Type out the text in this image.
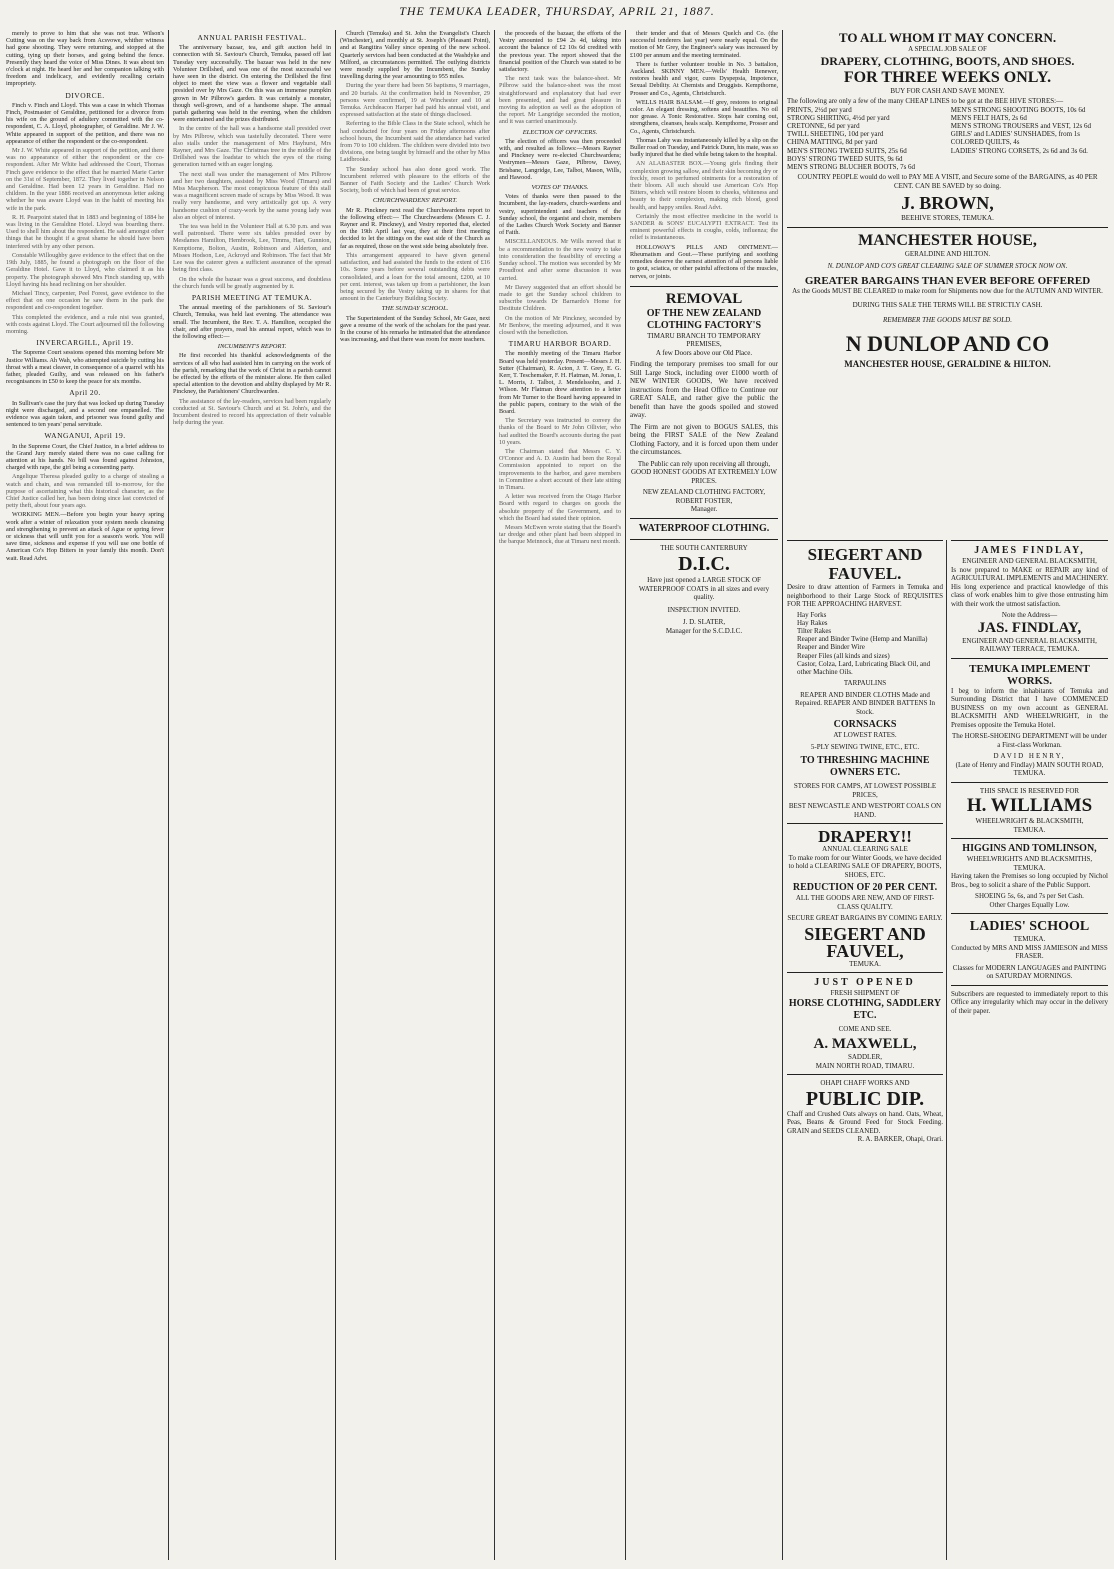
THE TEMUKA LEADER, THURSDAY, APRIL 21, 1887.

merely to prove to him that she was not true. Wilson's Cutting was on the way back from Acsvowe, whither witness had gone shooting. They were returning, and stopped at the cutting, tying up their horses, and going behind the fence. Presently they heard the voice of Miss Dines. It was about ten o'clock at night. He heard her and her companion talking with freedom and indelicacy, and evidently recalling certain impropriety.

DIVORCE.

Finch v. Finch and Lloyd. This was a case in which Thomas Finch, Postmaster of Geraldine, petitioned for a divorce from his wife on the ground of adultery committed with the co-respondent, C. A. Lloyd, photographer, of Geraldine. Mr J. W. White appeared in support of the petition, and there was no appearance of either the respondent or the co-respondent.

Mr J. W. White appeared in support of the petition, and there was no appearance of either the respondent or the co-respondent. After Mr White had addressed the Court, Thomas Finch gave evidence to the effect that he married Marie Carter on the 31st of September, 1872. They lived together in Nelson and Geraldine. Had been 12 years in Geraldine. Had no children. In the year 1886 received an anonymous letter asking whether he was aware Lloyd was in the habit of meeting his wife in the park.

R. H. Pearpoint stated that in 1883 and beginning of 1884 he was living in the Geraldine Hotel. Lloyd was boarding there. Used to shell him about the respondent. He said amongst other things that he thought if a great shame he should have been interfered with by any other person.

Constable Willoughby gave evidence to the effect that on the 19th July, 1885, he found a photograph on the floor of the Geraldine Hotel. Gave it to Lloyd, who claimed it as his property. The photograph showed Mrs Finch standing up, with Lloyd having his head reclining on her shoulder.

Michael Tincy, carpenter, Peel Forest, gave evidence to the effect that on one occasion he saw them in the park the respondent and co-respondent together.

This completed the evidence, and a rule nisi was granted, with costs against Lloyd. The Court adjourned till the following morning.

INVERCARGILL, April 19.

The Supreme Court sessions opened this morning before Mr Justice Williams. Ah Wah, who attempted suicide by cutting his throat with a meat cleaver, in consequence of a quarrel with his father, pleaded Guilty, and was released on his father's recognisances in £50 to keep the peace for six months.

April 20.

In Sullivan's case the jury that was locked up during Tuesday night were discharged, and a second one empanelled. The evidence was again taken, and prisoner was found guilty and sentenced to ten years' penal servitude.

WANGANUI, April 19.

In the Supreme Court, the Chief Justice, in a brief address to the Grand Jury merely stated there was no case calling for attention at his hands. No bill was found against Johnston, charged with rape, the girl being a consenting party.

Angelique Theresa pleaded guilty to a charge of stealing a watch and chain, and was remanded till to-morrow, for the purpose of ascertaining what this historical character, as the Chief Justice called her, has been doing since last convicted of petty theft, about four years ago.

WORKING MEN.—Before you begin your heavy spring work after a winter of relaxation your system needs cleansing and strengthening to prevent an attack of Ague or spring fever or sickness that will unfit you for a season's work. You will save time, sickness and expense if you will use one bottle of American Co's Hop Bitters in your family this month. Don't wait. Read Advt.

ANNUAL PARISH FESTIVAL.

The anniversary bazaar, tea, and gift auction held in connection with St. Saviour's Church, Temuka, passed off last Tuesday very successfully. The bazaar was held in the new Volunteer Drillshed, and was one of the most successful we have seen in the district. On entering the Drillshed the first object to meet the view was a flower and vegetable stall presided over by Mrs Gaze. On this was an immense pumpkin grown in Mr Pilbrow's garden. It was certainly a monster, though well-grown, and of a handsome shape. The annual parish gathering was held in the evening, when the children were entertained and the prizes distributed.

In the centre of the hall was a handsome stall presided over by Mrs Pilbrow, which was tastefully decorated. There were also stalls under the management of Mrs Hayhurst, Mrs Rayner, and Mrs Gaze. The Christmas tree in the middle of the Drillshed was the loadstar to which the eyes of the rising generation turned with an eager longing.

The next stall was under the management of Mrs Pilbrow and her two daughters, assisted by Miss Wood (Timaru) and Miss Macpherson. The most conspicuous feature of this stall was a magnificent screen made of scraps by Miss Wood. It was really very handsome, and very artistically got up. A very handsome cushion of crazy-work by the same young lady was also an object of interest.

The tea was held in the Volunteer Hall at 6.30 p.m. and was well patronised. There were six tables presided over by Mesdames Hamilton, Hembrook, Lee, Timms, Hart, Gunnion, Kemptiorne, Bolton, Austin, Robinson and Alderton, and Misses Hodson, Lee, Ackroyd and Robinson. The fact that Mr Lee was the caterer gives a sufficient assurance of the spread being first class.

On the whole the bazaar was a great success, and doubtless the church funds will be greatly augmented by it.

PARISH MEETING AT TEMUKA.

The annual meeting of the parishioners of St. Saviour's Church, Temuka, was held last evening. The attendance was small. The Incumbent, the Rev. T. A. Hamilton, occupied the chair, and after prayers, read his annual report, which was to the following effect:—

INCUMBENT'S REPORT.

He first recorded his thankful acknowledgments of the services of all who had assisted him in carrying on the work of the parish, remarking that the work of Christ in a parish cannot be effected by the efforts of the minister alone. He then called special attention to the devotion and ability displayed by Mr R. Pinckney, the Parishioners' Churchwarden.

The assistance of the lay-readers, services had been regularly conducted at St. Saviour's Church and at St. John's, and the Incumbent desired to record his appreciation of their valuable help during the year.

Church (Temuka) and St. John the Evangelist's Church (Winchester), and monthly at St. Joseph's (Pleasant Point), and at Rangitira Valley since opening of the new school. Quarterly services had been conducted at the Washdyke and Milford, as circumstances permitted. The outlying districts were mostly supplied by the Incumbent, the Sunday travelling during the year amounting to 955 miles.

During the year there had been 56 baptisms, 9 marriages, and 20 burials. At the confirmation held in November, 29 persons were confirmed, 19 at Winchester and 10 at Temuka. Archdeacon Harper had paid his annual visit, and expressed satisfaction at the state of things disclosed.

Referring to the Bible Class in the State school, which he had conducted for four years on Friday afternoons after school hours, the Incumbent said the attendance had varied from 70 to 100 children. The children were divided into two divisions, one being taught by himself and the other by Miss Laidbrooke.

The Sunday school has also done good work. The Incumbent referred with pleasure to the efforts of the Banner of Faith Society and the Ladies' Church Work Society, both of which had been of great service.

CHURCHWARDENS' REPORT.

Mr R. Pinckney next read the Churchwardens report to the following effect:— The Churchwardens (Messrs C. J. Rayner and R. Pinckney), and Vestry reported that, elected on the 19th April last year, they at their first meeting decided to let the sittings on the east side of the Church as far as required, those on the west side being absolutely free.

This arrangement appeared to have given general satisfaction, and had assisted the funds to the extent of £16 10s. Some years before several outstanding debts were consolidated, and a loan for the total amount, £200, at 10 per cent. interest, was taken up from a parishioner, the loan being secured by the Vestry taking up in shares for that amount in the Canterbury Building Society.

THE SUNDAY SCHOOL.

The Superintendent of the Sunday School, Mr Gaze, next gave a resume of the work of the scholars for the past year. In the course of his remarks he intimated that the attendance was increasing, and that there was room for more teachers.

the proceeds of the bazaar, the efforts of the Vestry amounted to £94 2s 4d, taking into account the balance of £2 10s 6d credited with the previous year. The report showed that the financial position of the Church was stated to be satisfactory.

The next task was the balance-sheet. Mr Pilbrow said the balance-sheet was the most straightforward and explanatory that had ever been presented, and had great pleasure in moving its adoption as well as the adoption of the report. Mr Langridge seconded the motion, and it was carried unanimously.

ELECTION OF OFFICERS.

The election of officers was then proceeded with, and resulted as follows:—Messrs Rayner and Pinckney were re-elected Churchwardens; Vestrymen—Messrs Gaze, Pilbrow, Davey, Brisbane, Langridge, Lee, Talbot, Mason, Wills, and Hawood.

VOTES OF THANKS.

Votes of thanks were then passed to the Incumbent, the lay-readers, church-wardens and vestry, superintendent and teachers of the Sunday school, the organist and choir, members of the Ladies Church Work Society and Banner of Faith.

MISCELLANEOUS. Mr Wills moved that it be a recommendation to the new vestry to take into consideration the feasibility of erecting a Sunday school. The motion was seconded by Mr Proudfoot and after some discussion it was carried.

Mr Davey suggested that an effort should be made to get the Sunday school children to subscribe towards Dr Barnardo's Home for Destitute Children.

On the motion of Mr Pinckney, seconded by Mr Benbow, the meeting adjourned, and it was closed with the benediction.

TIMARU HARBOR BOARD.

The monthly meeting of the Timaru Harbor Board was held yesterday. Present—Messrs J. H. Sutter (Chairman), R. Acton, J. T. Grey, E. G. Kerr, T. Teschemaker, F. H. Flatman, M. Jonas, I. L. Morris, J. Talbot, J. Mendelssohn, and J. Wilson. Mr Flatman drew attention to a letter from Mr Turner to the Board having appeared in the public papers, contrary to the wish of the Board.

The Secretary was instructed to convey the thanks of the Board to Mr John Ollivier, who had audited the Board's accounts during the past 10 years.

The Chairman stated that Messrs C. Y. O'Connor and A. D. Austin had been the Royal Commission appointed to report on the improvements to the harbor, and gave members in Committee a short account of their late sitting in Timaru.

A letter was received from the Otago Harbor Board with regard to charges on goods the absolute property of the Government, and to which the Board had stated their opinion.

Messrs McEwen wrote stating that the Board's tar dredge and other plant had been shipped in the barque Meinnock, due at Timaru next month.

their tender and that of Messrs Quelch and Co. (the successful tenderers last year) were nearly equal. On the motion of Mr Grey, the Engineer's salary was increased by £100 per annum and the meeting terminated.

There is further volunteer trouble in No. 3 battalion, Auckland. SKINNY MEN.—Wells' Health Renewer, restores health and vigor, cures Dyspepsia, Impotence, Sexual Debility. At Chemists and Druggists. Kempthorne, Prosser and Co., Agents, Christchurch.

WELLS HAIR BALSAM.—If grey, restores to original color. An elegant dressing, softens and beautifies. No oil nor grease. A Tonic Restorative. Stops hair coming out, strengthens, cleanses, heals scalp. Kempthorne, Prosser and Co., Agents, Christchurch.

Thomas Lahy was instantaneously killed by a slip on the Buller road on Tuesday, and Patrick Dunn, his mate, was so badly injured that he died while being taken to the hospital.

AN ALABASTER BOX.—Young girls finding their complexion growing sallow, and their skin becoming dry or freckly, resort to perfumed ointments for a restoration of their bloom. All such should use American Co's Hop Bitters, which will restore bloom to cheeks, whiteness and beauty to their complexion, making rich blood, good health, and happy smiles. Read Advt.

Certainly the most effective medicine in the world is SANDER & SONS' EUCALYPTI EXTRACT. Test its eminent powerful effects in coughs, colds, influenza; the relief is instantaneous.

HOLLOWAY'S PILLS AND OINTMENT.—Rheumatism and Gout.—These purifying and soothing remedies deserve the earnest attention of all persons liable to gout, sciatica, or other painful affections of the muscles, nerves, or joints.

REMOVAL
OF THE NEW ZEALAND CLOTHING FACTORY'S
TIMARU BRANCH TO TEMPORARY PREMISES,
A few Doors above our Old Place.
Finding the temporary premises too small for our Still Large Stock, including over £1000 worth of NEW WINTER GOODS, We have received instructions from the Head Office to Continue our GREAT SALE, and rather give the public the benefit than have the goods spoiled and stowed away.
The Firm are not given to BOGUS SALES, this being the FIRST SALE of the New Zealand Clothing Factory, and it is forced upon them under the circumstances.
The Public can rely upon receiving all through, GOOD HONEST GOODS AT EXTREMELY LOW PRICES.
NEW ZEALAND CLOTHING FACTORY,
ROBERT FOSTER,
Manager.
WATERPROOF CLOTHING.
THE SOUTH CANTERBURY
D.I.C.
Have just opened a LARGE STOCK OF WATERPROOF COATS in all sizes and every quality.
INSPECTION INVITED.
J. D. SLATER,
Manager for the S.C.D.I.C.
TO ALL WHOM IT MAY CONCERN.
A SPECIAL JOB SALE OF
DRAPERY, CLOTHING, BOOTS, AND SHOES.
FOR THREE WEEKS ONLY.
BUY FOR CASH AND SAVE MONEY.
The following are only a few of the many CHEAP LINES to be got at the BEE HIVE STORES:—
PRINTS, 2½d per yard
STRONG SHIRTING, 4½d per yard
CRETONNE, 6d per yard
TWILL SHEETING, 10d per yard
CHINA MATTING, 8d per yard
MEN'S STRONG TWEED SUITS, 25s 6d
BOYS' STRONG TWEED SUITS, 9s 6d
MEN'S STRONG BLUCHER BOOTS, 7s 6d
MEN'S STRONG SHOOTING BOOTS, 10s 6d
MEN'S FELT HATS, 2s 6d
MEN'S STRONG TROUSERS and VEST, 12s 6d
GIRLS' and LADIES' SUNSHADES, from 1s
COLORED QUILTS, 4s
LADIES' STRONG CORSETS, 2s 6d and 3s 6d.
COUNTRY PEOPLE would do well to PAY ME A VISIT, and Secure some of the BARGAINS, as 40 PER CENT. CAN BE SAVED by so doing.
J. BROWN,
BEEHIVE STORES, TEMUKA.
MANCHESTER HOUSE,
GERALDINE AND HILTON.
N. DUNLOP AND CO'S GREAT CLEARING SALE OF SUMMER STOCK NOW ON.
GREATER BARGAINS THAN EVER BEFORE OFFERED
As the Goods MUST BE CLEARED to make room for Shipments now due for the AUTUMN AND WINTER.
DURING THIS SALE THE TERMS WILL BE STRICTLY CASH.
REMEMBER THE GOODS MUST BE SOLD.
N DUNLOP AND CO
MANCHESTER HOUSE, GERALDINE & HILTON.
SIEGERT AND FAUVEL.
Desire to draw attention of Farmers in Temuka and neighborhood to their Large Stock of REQUISITES FOR THE APPROACHING HARVEST.
Hay Forks
Hay Rakes
Tilter Rakes
Reaper and Binder Twine (Hemp and Manilla)
Reaper and Binder Wire
Reaper Files (all kinds and sizes)
Castor, Colza, Lard, Lubricating Black Oil, and other Machine Oils.
TARPAULINS
REAPER AND BINDER CLOTHS Made and Repaired. REAPER AND BINDER BATTENS In Stock.
CORNSACKS
AT LOWEST RATES.
5-PLY SEWING TWINE, ETC., ETC.
TO THRESHING MACHINE OWNERS ETC.
STORES FOR CAMPS, AT LOWEST POSSIBLE PRICES,
BEST NEWCASTLE AND WESTPORT COALS ON HAND.
DRAPERY!!
ANNUAL CLEARING SALE
To make room for our Winter Goods, we have decided to hold a CLEARING SALE OF DRAPERY, BOOTS, SHOES, ETC.
REDUCTION OF 20 PER CENT.
ALL THE GOODS ARE NEW, AND OF FIRST-CLASS QUALITY.
SECURE GREAT BARGAINS BY COMING EARLY.
SIEGERT AND FAUVEL,
TEMUKA.
JUST OPENED
FRESH SHIPMENT OF
HORSE CLOTHING, SADDLERY ETC.
COME AND SEE.
A. MAXWELL,
SADDLER,
MAIN NORTH ROAD, TIMARU.
OHAPI CHAFF WORKS AND
PUBLIC DIP.
Chaff and Crushed Oats always on hand. Oats, Wheat, Peas, Beans & Ground Feed for Stock Feeding. GRAIN and SEEDS CLEANED.
R. A. BARKER, Ohapi, Orari.
JAMES FINDLAY,
ENGINEER AND GENERAL BLACKSMITH,
Is now prepared to MAKE or REPAIR any kind of AGRICULTURAL IMPLEMENTS and MACHINERY. His long experience and practical knowledge of this class of work enables him to give those entrusting him with their work the utmost satisfaction.
Note the Address—
JAS. FINDLAY,
ENGINEER AND GENERAL BLACKSMITH, RAILWAY TERRACE, TEMUKA.
TEMUKA IMPLEMENT WORKS.
I beg to inform the inhabitants of Temuka and Surrounding District that I have COMMENCED BUSINESS on my own account as GENERAL BLACKSMITH AND WHEELWRIGHT, in the Premises opposite the Temuka Hotel.
The HORSE-SHOEING DEPARTMENT will be under a First-class Workman.
DAVID HENRY,
(Late of Henry and Findlay) MAIN SOUTH ROAD, TEMUKA.
THIS SPACE IS RESERVED FOR
H. WILLIAMS
WHEELWRIGHT & BLACKSMITH,
TEMUKA.
HIGGINS AND TOMLINSON,
WHEELWRIGHTS AND BLACKSMITHS, TEMUKA.
Having taken the Premises so long occupied by Nichol Bros., beg to solicit a share of the Public Support.
SHOEING 5s, 6s, and 7s per Set Cash.
Other Charges Equally Low.
LADIES' SCHOOL
TEMUKA.
Conducted by MRS AND MISS JAMIESON and MISS FRASER.
Classes for MODERN LANGUAGES and PAINTING on SATURDAY MORNINGS.
Subscribers are requested to immediately report to this Office any irregularity which may occur in the delivery of their paper.
